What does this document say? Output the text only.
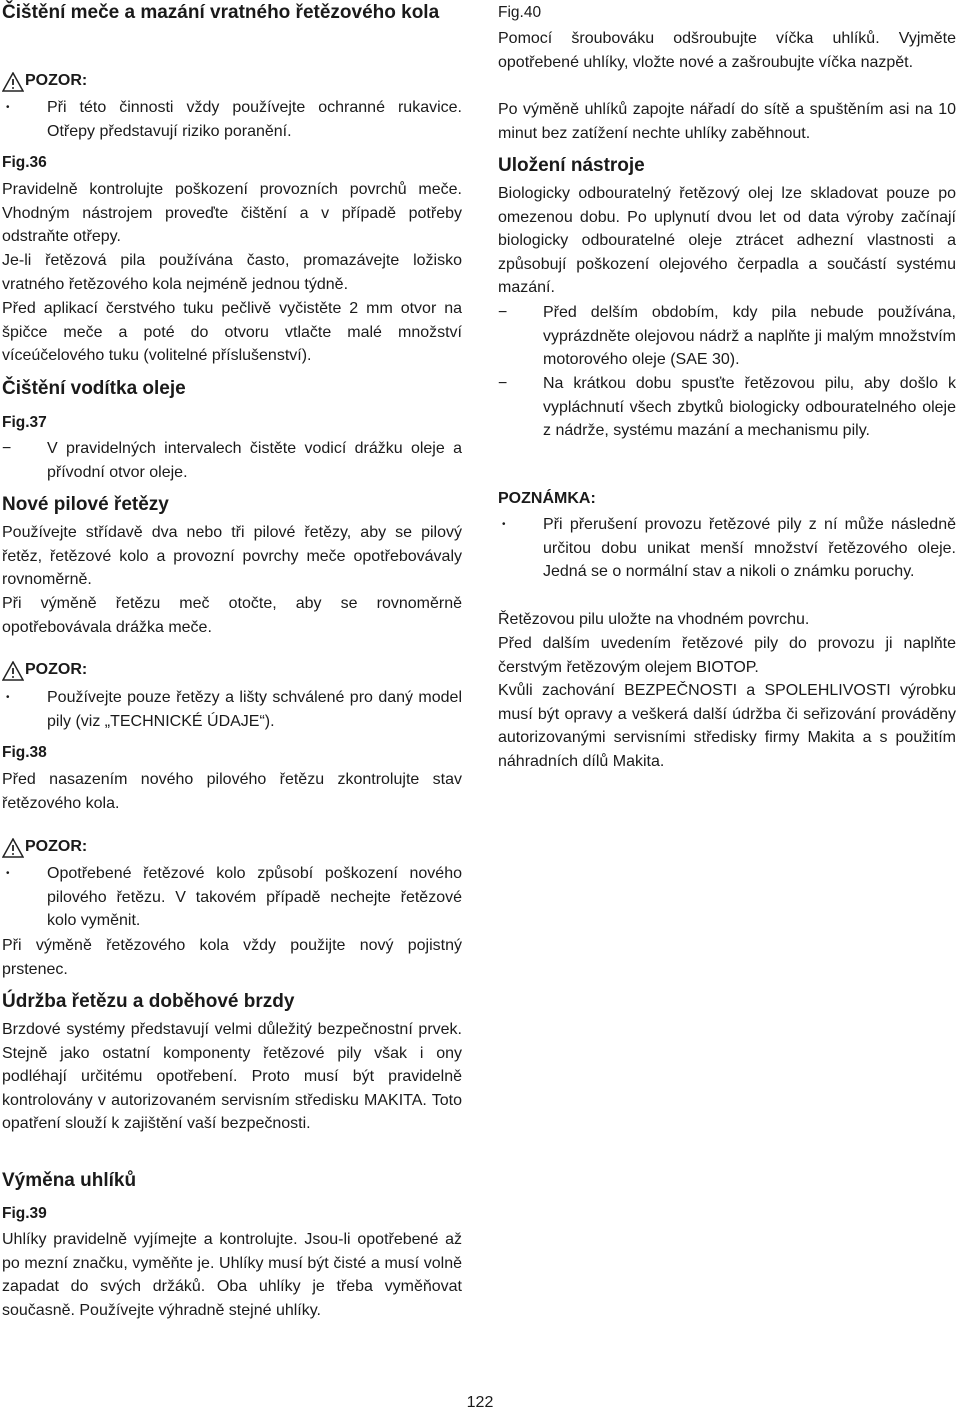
Čištění meče a mazání vratného řetězového kola
POZOR:
• Při této činnosti vždy používejte ochranné rukavice. Otřepy představují riziko poranění.
Fig.36

Pravidelně kontrolujte poškození provozních povrchů meče. Vhodným nástrojem proveďte čištění a v případě potřeby odstraňte otřepy.

Je-li řetězová pila používána často, promazávejte ložisko vratného řetězového kola nejméně jednou týdně.

Před aplikací čerstvého tuku pečlivě vyčistěte 2 mm otvor na špičce meče a poté do otvoru vtlačte malé množství víceúčelového tuku (volitelné příslušenství).

Čištění vodítka oleje
Fig.37
− V pravidelných intervalech čistěte vodicí drážku oleje a přívodní otvor oleje.
Nové pilové řetězy

Používejte střídavě dva nebo tři pilové řetězy, aby se pilový řetěz, řetězové kolo a provozní povrchy meče opotřebovávaly rovnoměrně.

Při výměně řetězu meč otočte, aby se rovnoměrně opotřebovávala drážka meče.

POZOR:
• Používejte pouze řetězy a lišty schválené pro daný model pily (viz „TECHNICKÉ ÚDAJE“).
Fig.38

Před nasazením nového pilového řetězu zkontrolujte stav řetězového kola.

POZOR:
• Opotřebené řetězové kolo způsobí poškození nového pilového řetězu. V takovém případě nechejte řetězové kolo vyměnit.

Při výměně řetězového kola vždy použijte nový pojistný prstenec.

Údržba řetězu a doběhové brzdy

Brzdové systémy představují velmi důležitý bezpečnostní prvek. Stejně jako ostatní komponenty řetězové pily však i ony podléhají určitému opotřebení. Proto musí být pravidelně kontrolovány v autorizovaném servisním středisku MAKITA. Toto opatření slouží k zajištění vaší bezpečnosti.

Výměna uhlíků
Fig.39

Uhlíky pravidelně vyjímejte a kontrolujte. Jsou-li opotřebené až po mezní značku, vyměňte je. Uhlíky musí být čisté a musí volně zapadat do svých držáků. Oba uhlíky je třeba vyměňovat současně. Používejte výhradně stejné uhlíky.

Fig.40

Pomocí šroubováku odšroubujte víčka uhlíků. Vyjměte opotřebené uhlíky, vložte nové a zašroubujte víčka nazpět.

Po výměně uhlíků zapojte nářadí do sítě a spuštěním asi na 10 minut bez zatížení nechte uhlíky zaběhnout.

Uložení nástroje

Biologicky odbouratelný řetězový olej lze skladovat pouze po omezenou dobu. Po uplynutí dvou let od data výroby začínají biologicky odbouratelné oleje ztrácet adhezní vlastnosti a způsobují poškození olejového čerpadla a součástí systému mazání.

− Před delším obdobím, kdy pila nebude používána, vyprázdněte olejovou nádrž a naplňte ji malým množstvím motorového oleje (SAE 30).
− Na krátkou dobu spusťte řetězovou pilu, aby došlo k vypláchnutí všech zbytků biologicky odbouratelného oleje z nádrže, systému mazání a mechanismu pily.
POZNÁMKA:
• Při přerušení provozu řetězové pily z ní může následně určitou dobu unikat menší množství řetězového oleje. Jedná se o normální stav a nikoli o známku poruchy.

Řetězovou pilu uložte na vhodném povrchu.

Před dalším uvedením řetězové pily do provozu ji naplňte čerstvým řetězovým olejem BIOTOP.

Kvůli zachování BEZPEČNOSTI a SPOLEHLIVOSTI výrobku musí být opravy a veškerá další údržba či seřizování prováděny autorizovanými servisními středisky firmy Makita a s použitím náhradních dílů Makita.

122
